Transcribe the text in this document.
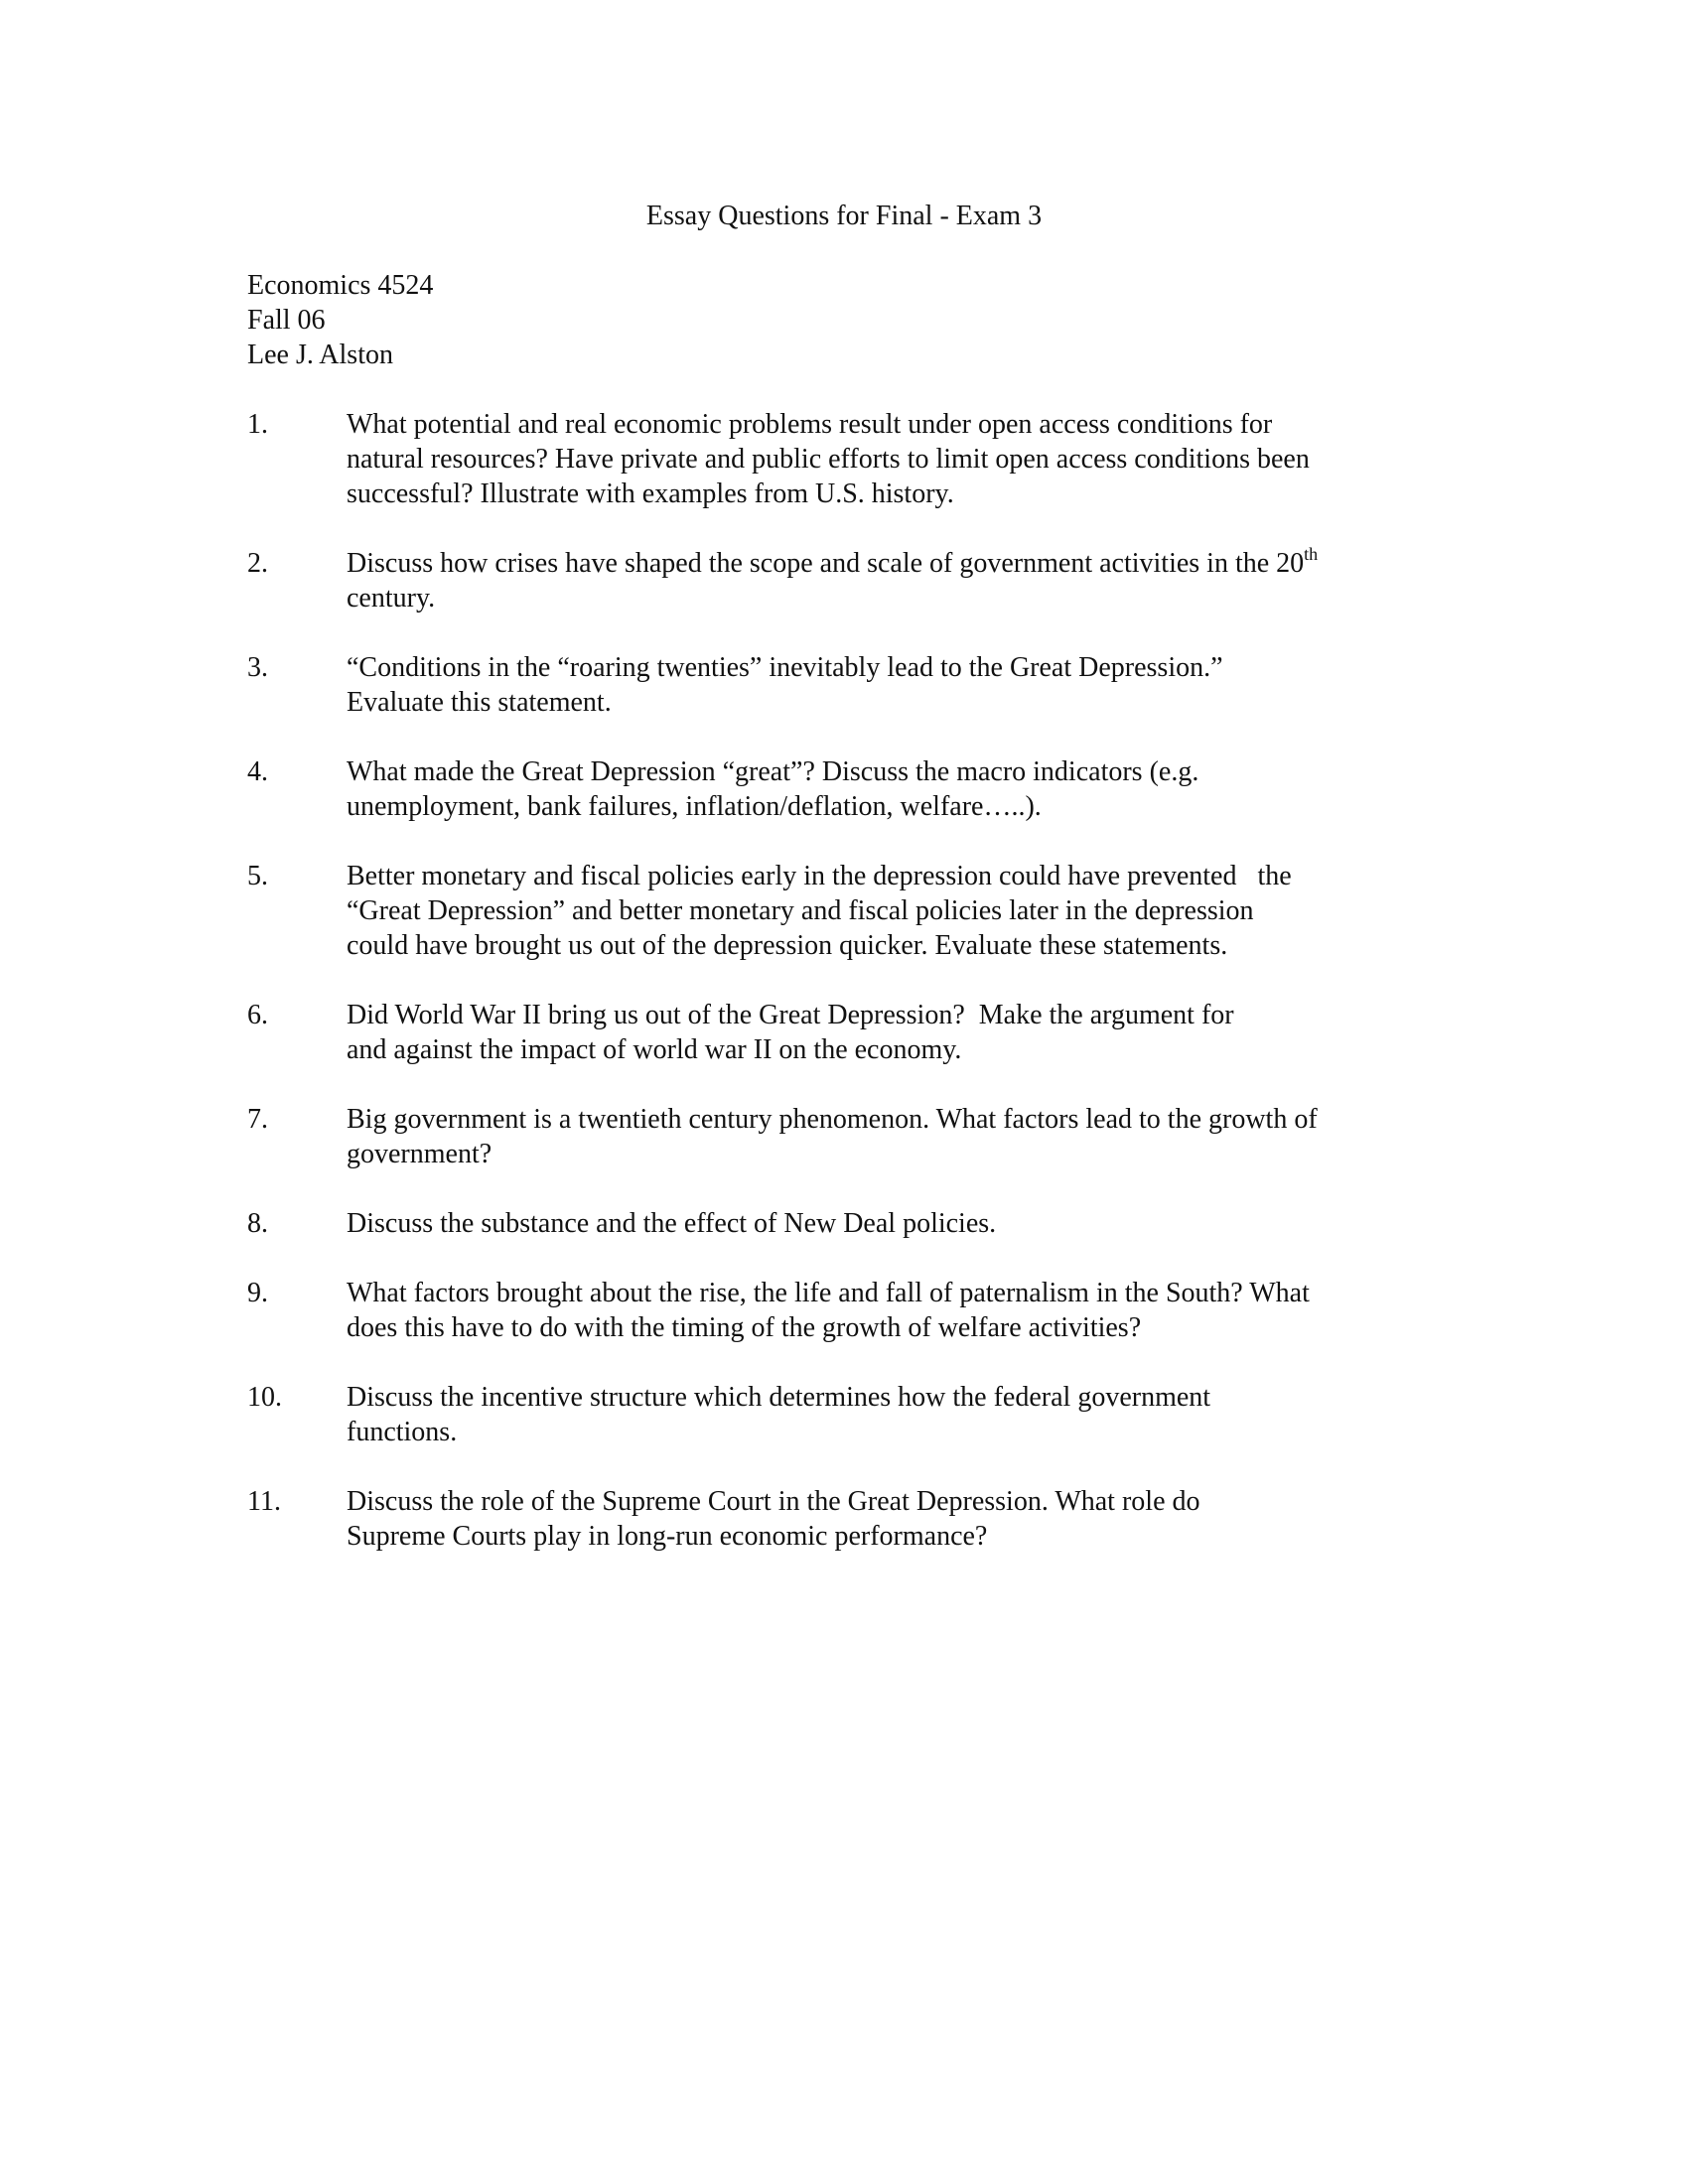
Essay Questions for Final - Exam 3
Economics 4524
Fall 06
Lee J. Alston
1.	What potential and real economic problems result under open access conditions for
natural resources? Have private and public efforts to limit open access conditions been
successful? Illustrate with examples from U.S. history.
2.	Discuss how crises have shaped the scope and scale of government activities in the 20th
century.
3.	“Conditions in the “roaring twenties” inevitably lead to the Great Depression.”
Evaluate this statement.
4.	What made the Great Depression “great”? Discuss the macro indicators (e.g.
unemployment, bank failures, inflation/deflation, welfare…..).
5.	Better monetary and fiscal policies early in the depression could have prevented   the
“Great Depression” and better monetary and fiscal policies later in the depression
could have brought us out of the depression quicker. Evaluate these statements.
6.	Did World War II bring us out of the Great Depression?  Make the argument for
and against the impact of world war II on the economy.
7.	Big government is a twentieth century phenomenon. What factors lead to the growth of
government?
8.	Discuss the substance and the effect of New Deal policies.
9.	What factors brought about the rise, the life and fall of paternalism in the South? What
does this have to do with the timing of the growth of welfare activities?
10.	Discuss the incentive structure which determines how the federal government
functions.
11.	Discuss the role of the Supreme Court in the Great Depression. What role do
Supreme Courts play in long-run economic performance?
